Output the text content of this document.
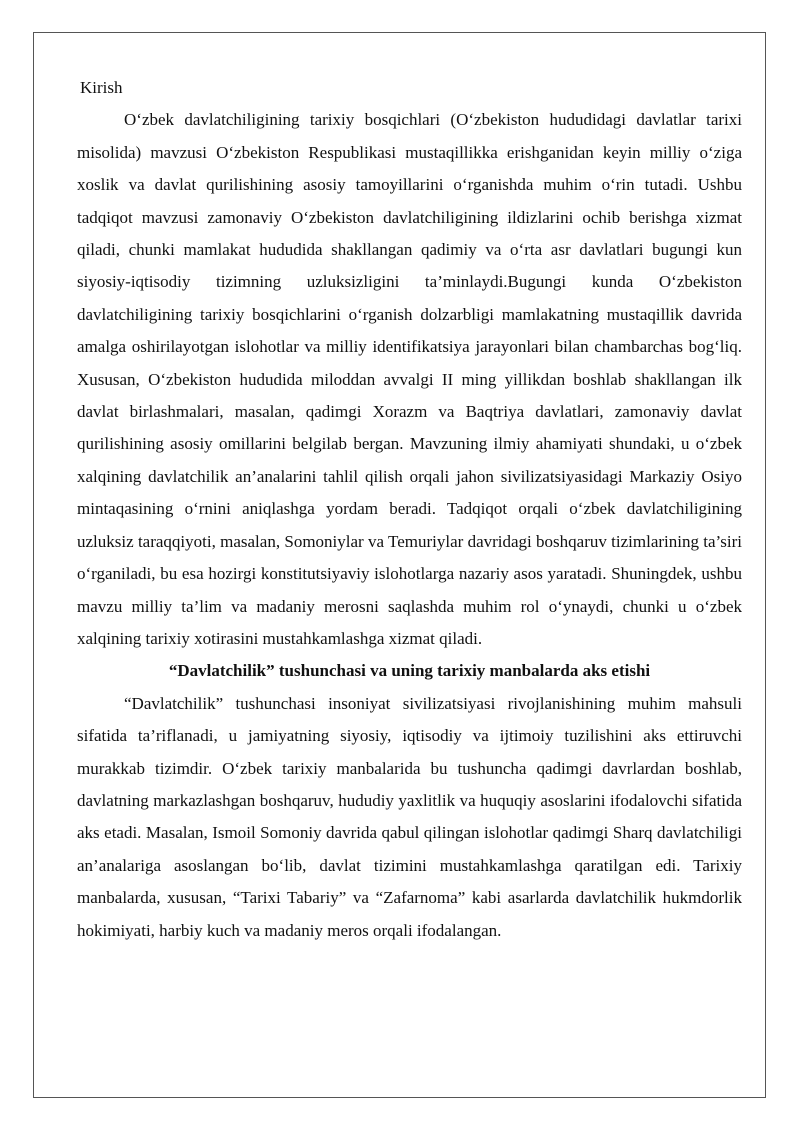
Kirish

O‘zbek davlatchiligining tarixiy bosqichlari (O‘zbekiston hududidagi davlatlar tarixi misolida) mavzusi O‘zbekiston Respublikasi mustaqillikka erishganidan keyin milliy o‘ziga xoslik va davlat qurilishining asosiy tamoyillarini o‘rganishda muhim o‘rin tutadi. Ushbu tadqiqot mavzusi zamonaviy O‘zbekiston davlatchiligining ildizlarini ochib berishga xizmat qiladi, chunki mamlakat hududida shakllangan qadimiy va o‘rta asr davlatlari bugungi kun siyosiy-iqtisodiy tizimning uzluksizligini ta’minlaydi.Bugungi kunda O‘zbekiston davlatchiligining tarixiy bosqichlarini o‘rganish dolzarbligi mamlakatning mustaqillik davrida amalga oshirilayotgan islohotlar va milliy identifikatsiya jarayonlari bilan chambarchas bog‘liq. Xususan, O‘zbekiston hududida miloddan avvalgi II ming yillikdan boshlab shakllangan ilk davlat birlashmalari, masalan, qadimgi Xorazm va Baqtriya davlatlari, zamonaviy davlat qurilishining asosiy omillarini belgilab bergan. Mavzuning ilmiy ahamiyati shundaki, u o‘zbek xalqining davlatchilik an’analarini tahlil qilish orqali jahon sivilizatsiyasidagi Markaziy Osiyo mintaqasining o‘rnini aniqlashga yordam beradi. Tadqiqot orqali o‘zbek davlatchiligining uzluksiz taraqqiyoti, masalan, Somoniylar va Temuriylar davridagi boshqaruv tizimlarining ta’siri o‘rganiladi, bu esa hozirgi konstitutsiyaviy islohotlarga nazariy asos yaratadi. Shuningdek, ushbu mavzu milliy ta’lim va madaniy merosni saqlashda muhim rol o‘ynaydi, chunki u o‘zbek xalqining tarixiy xotirasini mustahkamlashga xizmat qiladi.

“Davlatchilik” tushunchasi va uning tarixiy manbalarda aks etishi

“Davlatchilik” tushunchasi insoniyat sivilizatsiyasi rivojlanishining muhim mahsuli sifatida ta’riflanadi, u jamiyatning siyosiy, iqtisodiy va ijtimoiy tuzilishini aks ettiruvchi murakkab tizimdir. O‘zbek tarixiy manbalarida bu tushuncha qadimgi davrlardan boshlab, davlatning markazlashgan boshqaruv, hududiy yaxlitlik va huquqiy asoslarini ifodalovchi sifatida aks etadi. Masalan, Ismoil Somoniy davrida qabul qilingan islohotlar qadimgi Sharq davlatchiligi an’analariga asoslangan bo‘lib, davlat tizimini mustahkamlashga qaratilgan edi. Tarixiy manbalarda, xususan, “Tarixi Tabariy” va “Zafarnoma” kabi asarlarda davlatchilik hukmdorlik hokimiyati, harbiy kuch va madaniy meros orqali ifodalangan.
